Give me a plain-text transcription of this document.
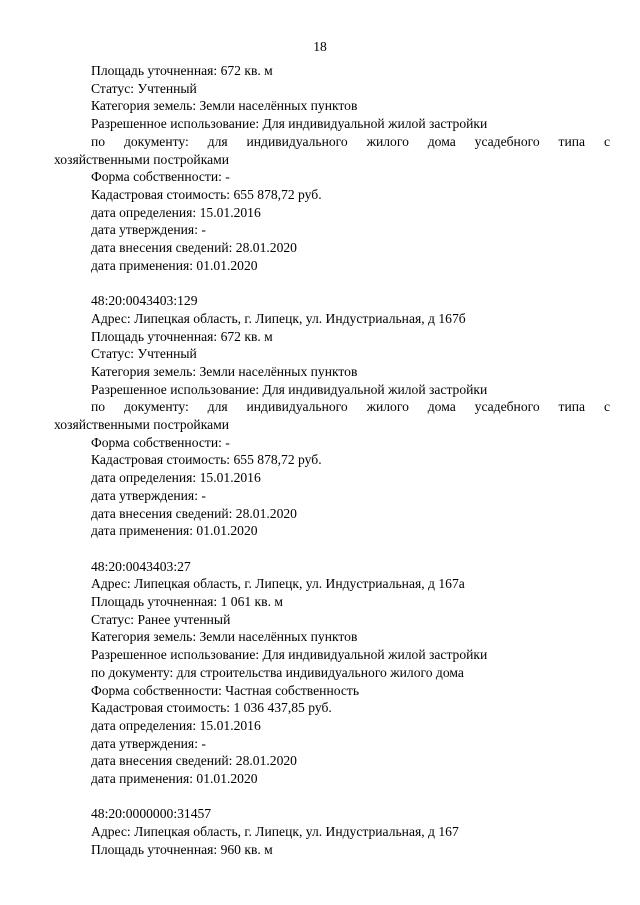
18
Площадь уточненная: 672 кв. м
Статус: Учтенный
Категория земель: Земли населённых пунктов
Разрешенное использование: Для индивидуальной жилой застройки
по документу: для индивидуального жилого дома усадебного типа с
хозяйственными постройками
Форма собственности: -
Кадастровая стоимость: 655 878,72 руб.
дата определения: 15.01.2016
дата утверждения: -
дата внесения сведений: 28.01.2020
дата применения: 01.01.2020
48:20:0043403:129
Адрес: Липецкая область, г. Липецк, ул. Индустриальная, д 167б
Площадь уточненная: 672 кв. м
Статус: Учтенный
Категория земель: Земли населённых пунктов
Разрешенное использование: Для индивидуальной жилой застройки
по документу: для индивидуального жилого дома усадебного типа с
хозяйственными постройками
Форма собственности: -
Кадастровая стоимость: 655 878,72 руб.
дата определения: 15.01.2016
дата утверждения: -
дата внесения сведений: 28.01.2020
дата применения: 01.01.2020
48:20:0043403:27
Адрес: Липецкая область, г. Липецк, ул. Индустриальная, д 167а
Площадь уточненная: 1 061 кв. м
Статус: Ранее учтенный
Категория земель: Земли населённых пунктов
Разрешенное использование: Для индивидуальной жилой застройки
по документу: для строительства индивидуального жилого дома
Форма собственности: Частная собственность
Кадастровая стоимость: 1 036 437,85 руб.
дата определения: 15.01.2016
дата утверждения: -
дата внесения сведений: 28.01.2020
дата применения: 01.01.2020
48:20:0000000:31457
Адрес: Липецкая область, г. Липецк, ул. Индустриальная, д 167
Площадь уточненная: 960 кв. м
